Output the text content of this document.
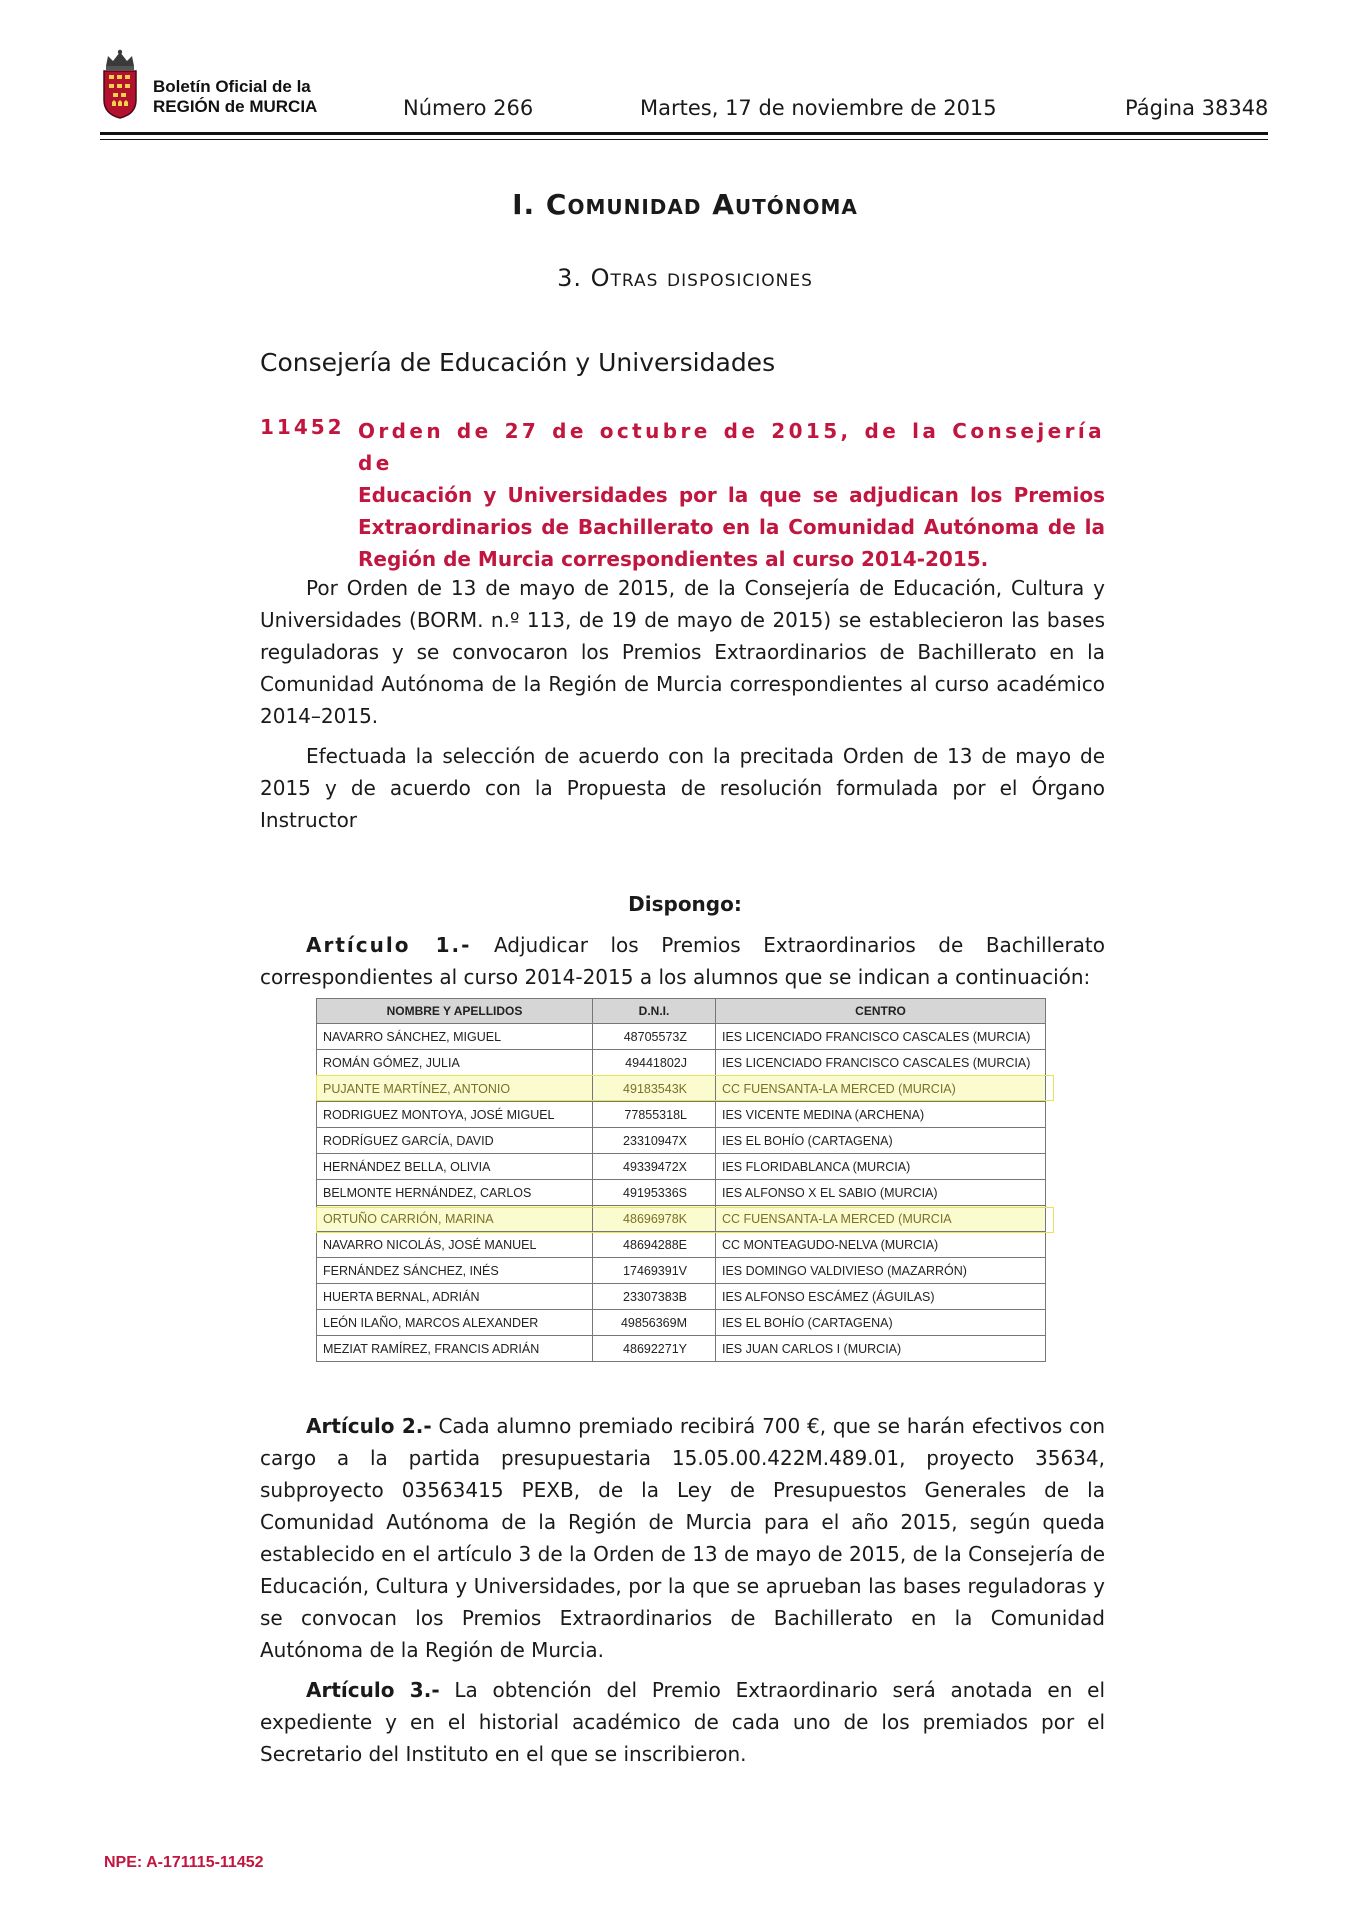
Boletín Oficial de la
REGIÓN de MURCIA	Número 266	Martes, 17 de noviembre de 2015	Página 38348
I. Comunidad Autónoma
3. Otras disposiciones
Consejería de Educación y Universidades
11452 Orden de 27 de octubre de 2015, de la Consejería de
Educación y Universidades por la que se adjudican los Premios Extraordinarios de Bachillerato en la Comunidad Autónoma de la Región de Murcia correspondientes al curso 2014-2015.

Por Orden de 13 de mayo de 2015, de la Consejería de Educación, Cultura y Universidades (BORM. n.º 113, de 19 de mayo de 2015) se establecieron las bases reguladoras y se convocaron los Premios Extraordinarios de Bachillerato en la Comunidad Autónoma de la Región de Murcia correspondientes al curso académico 2014–2015.

Efectuada la selección de acuerdo con la precitada Orden de 13 de mayo de 2015 y de acuerdo con la Propuesta de resolución formulada por el Órgano Instructor

Dispongo:

Artículo 1.- Adjudicar los Premios Extraordinarios de Bachillerato correspondientes al curso 2014-2015 a los alumnos que se indican a continuación:

NOMBRE Y APELLIDOS	D.N.I.	CENTRO
NAVARRO SÁNCHEZ, MIGUEL	48705573Z	IES LICENCIADO FRANCISCO CASCALES (MURCIA)
ROMÁN GÓMEZ, JULIA	49441802J	IES LICENCIADO FRANCISCO CASCALES (MURCIA)
PUJANTE MARTÍNEZ, ANTONIO	49183543K	CC FUENSANTA-LA MERCED (MURCIA)
RODRIGUEZ MONTOYA, JOSÉ MIGUEL	77855318L	IES VICENTE MEDINA (ARCHENA)
RODRÍGUEZ GARCÍA, DAVID	23310947X	IES EL BOHÍO (CARTAGENA)
HERNÁNDEZ BELLA, OLIVIA	49339472X	IES FLORIDABLANCA (MURCIA)
BELMONTE HERNÁNDEZ, CARLOS	49195336S	IES ALFONSO X EL SABIO (MURCIA)
ORTUÑO CARRIÓN, MARINA	48696978K	CC FUENSANTA-LA MERCED (MURCIA
NAVARRO NICOLÁS, JOSÉ MANUEL	48694288E	CC MONTEAGUDO-NELVA (MURCIA)
FERNÁNDEZ SÁNCHEZ, INÉS	17469391V	IES DOMINGO VALDIVIESO (MAZARRÓN)
HUERTA BERNAL, ADRIÁN	23307383B	IES ALFONSO ESCÁMEZ (ÁGUILAS)
LEÓN ILAÑO, MARCOS ALEXANDER	49856369M	IES EL BOHÍO (CARTAGENA)
MEZIAT RAMÍREZ, FRANCIS ADRIÁN	48692271Y	IES JUAN CARLOS I (MURCIA)

Artículo 2.- Cada alumno premiado recibirá 700 €, que se harán efectivos con cargo a la partida presupuestaria 15.05.00.422M.489.01, proyecto 35634, subproyecto 03563415 PEXB, de la Ley de Presupuestos Generales de la Comunidad Autónoma de la Región de Murcia para el año 2015, según queda establecido en el artículo 3 de la Orden de 13 de mayo de 2015, de la Consejería de Educación, Cultura y Universidades, por la que se aprueban las bases reguladoras y se convocan los Premios Extraordinarios de Bachillerato en la Comunidad Autónoma de la Región de Murcia.

Artículo 3.- La obtención del Premio Extraordinario será anotada en el expediente y en el historial académico de cada uno de los premiados por el Secretario del Instituto en el que se inscribieron.

NPE: A-171115-11452
